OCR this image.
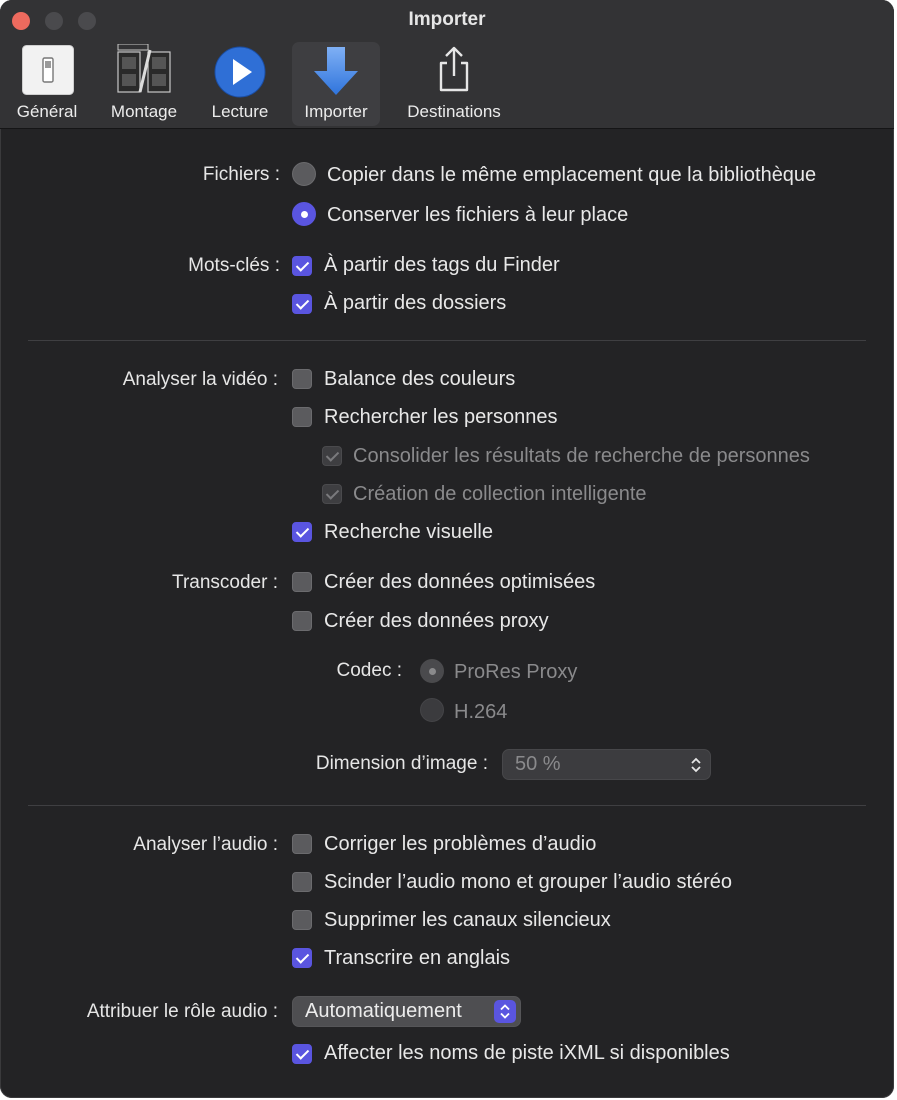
Importer
Général	Montage	Lecture	Importer	Destinations
Fichiers : Copier dans le même emplacement que la bibliothèque
Conserver les fichiers à leur place
Mots-clés : À partir des tags du Finder
À partir des dossiers
Analyser la vidéo : Balance des couleurs
Rechercher les personnes
Consolider les résultats de recherche de personnes
Création de collection intelligente
Recherche visuelle
Transcoder : Créer des données optimisées
Créer des données proxy
Codec :	ProRes Proxy
H.264
Dimension d’image : 50 %
Analyser l’audio : Corriger les problèmes d’audio
Scinder l’audio mono et grouper l’audio stéréo
Supprimer les canaux silencieux
Transcrire en anglais
Attribuer le rôle audio : Automatiquement
Affecter les noms de piste iXML si disponibles
